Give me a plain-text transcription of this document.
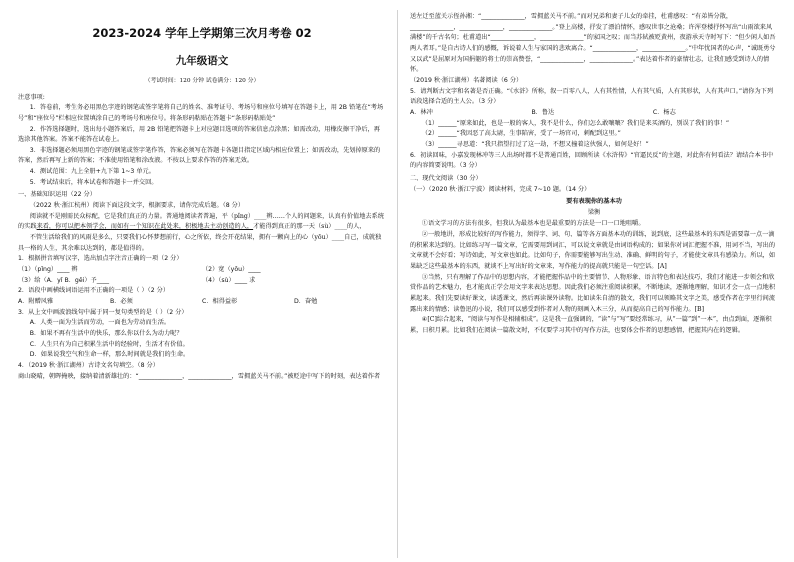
2023-2024 学年上学期第三次月考卷 02
九年级语文
（考试时间：120 分钟 试卷满分：120 分）

注意事项:

1．答卷前，考生务必用黑色字迹的钢笔或签字笔将自己的姓名、准考证号、考场号和座位号填写在答题卡上，用 2B 铅笔在“考场号”和“座位号”栏相应位置填涂自己的考场号和座位号。将条形码粘贴在答题卡“条形码粘贴处”

2．作答选择题时，选出每小题答案后，用 2B 铅笔把答题卡上对应题目选项的答案信息点涂黑；如需改动，用橡皮擦干净后，再选涂其他答案。答案不能答在试卷上。

3．非选择题必须用黑色字迹的钢笔或签字笔作答，答案必须写在答题卡各题目指定区域内相应位置上；如需改动，先划掉原来的答案，然后再写上新的答案；不准使用铅笔和涂改液。不按以上要求作答的答案无效。

4．测试范围：九上全册+九下第 1~3 单元。

5．考试结束后，将本试卷和答题卡一并交回。

一、基础知识运用（22 分）

（2022 秋·浙江杭州）阅读下面这段文字，根据要求，请你完成后题。（8 分）

阅读就不是刚需民众标配，它是我们真正的力量。普通地阅读者普遍，平（pǐng）____辨……个人的问题来，认真有价值地去系统的实践来看，你可以把本领学会，而如有一个知识在此处来，积极地去主动创造的人，才能得到真正的那一天（sù）____的人，

不管生活给我们的风雨是多么，只要我们心怀梦想前行，心之所依，终会开花结果，拥有一颗向上的心（yōu）____自己，成就独具一格的人生，其余难以达到的，都是值得的。

1．根据拼音填写汉字，选出加点字注音正确的一项（2 分）

（1）（pǐng）____ 辨	（2）宽（yōu）____
（3）给（A．yǐ B．gěi）予____	（4）（sù）____ 求

2．语段中画横线词语运用不正确的一项是（ ）（2 分）

A．附赠风雅	B．必须	C．相得益彰	D．奋勉

3．从上文中画波浪线句中属于同一复句类型的是（ ）（2 分）

A．人类一面为生活而劳动，一面也为劳动而生活。

B．如果不再有生活中的快乐，那么你以什么为动力呢？

C．人生只有为自己积累生活中的经验时，生活才有价值。

D．如果说我空气和生命一样，那么时间就是我们的生命。

4．（2019 秋·浙江湖州）古诗文名句填空。（8 分）

商山晓晴，朝晖掩映，接纳着清新雄壮的：“______________，______________，雪拥蓝关马不前。”被贬途中写下的时刻，表达着作者

送左迁至蓝关示侄孙湘：“______________，雪拥蓝关马不前。”而对兄弟和妻子儿女的牵挂，杜甫感叹：“有弟皆分散，______________，______________，______________。”登上高楼，抒发了漂泊情怀，感叹世事之沧桑；许浑登楼抒怀写出“山雨欲来风满楼”的千古名句；杜甫道出“______________，______________”的家国之叹；而当苏轼被贬黄州，夜游承天寺时写下：“但少闲人如吾两人者耳。”是自古诗人们的感慨，诉说着人生与家国的悲欢离合。“______________，______________。”中年忧国者的心声，“诚既勇兮又以武”是屈原对为国捐躯的将士的崇高赞誉，“______________，______________。”表达着作者的豪情壮志，让我们感受到诗人的情怀。

（2019 秋·浙江湖州）名著阅读（6 分）

5．请判断古文字和名著是否正确。“《水浒》所称，叙一百零八人，人有其性情，人有其气质，人有其形状，人有其声口。”请你为下列语段选择合适的主人公。（3 分）

A．林冲	B．鲁达	C．杨志

（1）______“原来如此，也是一般的客人，我不是什么，你们怎么敢嚷嚷？我们是来买酒的，别误了我们的事！”

（2）______“我因恶了高太尉，生事陷害，受了一场官司，刺配到这里。”

（3）______寻思道：“我只指望打过了这一劫，不想又撞着这伙强人，如何是好！”

6．初读回味，小嘉发现林冲等三人出场时都不是普通百姓，回顾所读《水浒传》“官逼民反”的主题，对此你有何看法？请结合本书中的内容简要说明。（3 分）

二、现代文阅读（30 分）

（一）（2020 秋·浙江宁波）阅读材料，完成 7~10 题。（14 分）

要有表现你的基本功

梁衡

①语文学习的方法有很多，但我认为最基本也是最重要的方法是一口一口地咀嚼。

②一般地讲，形成比较好的写作能力，须得字、词、句、篇等各方面基本功的训练，说到底，这些最基本的东西是需要靠一点一滴的积累来达到的。比如练习写一篇文章，它需要用到词汇，可以说文章就是由词语构成的；如果你对词汇把握不准，用词不当，写出的文章就不会好看；写诗如此，写文章也如此。比如句子，你需要能够写出生动、准确、鲜明的句子，才能使文章具有感染力。所以，如果缺乏这些最基本的东西，就谈不上写出好的文章来，写作能力的提高就只能是一句空话。[A]

③当然，只有理解了作品中的思想内容，才能把握作品中的主要情节、人物形象、语言特色和表达技巧，我们才能进一步领会和欣赏作品的艺术魅力，也才能真正学会用文字来表达思想。因此我们必须注重阅读积累，不断地读，逐渐地理解，知识才会一点一点地积累起来。我们先要读好课文，读透课文，然后再读课外读物。比如读朱自清的散文，我们可以领略其文字之美，感受作者在字里行间流露出来的情感；读鲁迅的小说，我们可以感受到作者对人物的刻画入木三分，从而提高自己的写作能力。[B]

④[C]综合起来，“阅读与写作是相辅相成”。这是我一直强调的，“读”与“写”要经常练习，从“一篇”到“一本”，由点到面，逐渐积累，日积月累。比如我们在阅读一篇散文时，不仅要学习其中的写作方法，也要体会作者的思想感情，把握其内在的逻辑。
